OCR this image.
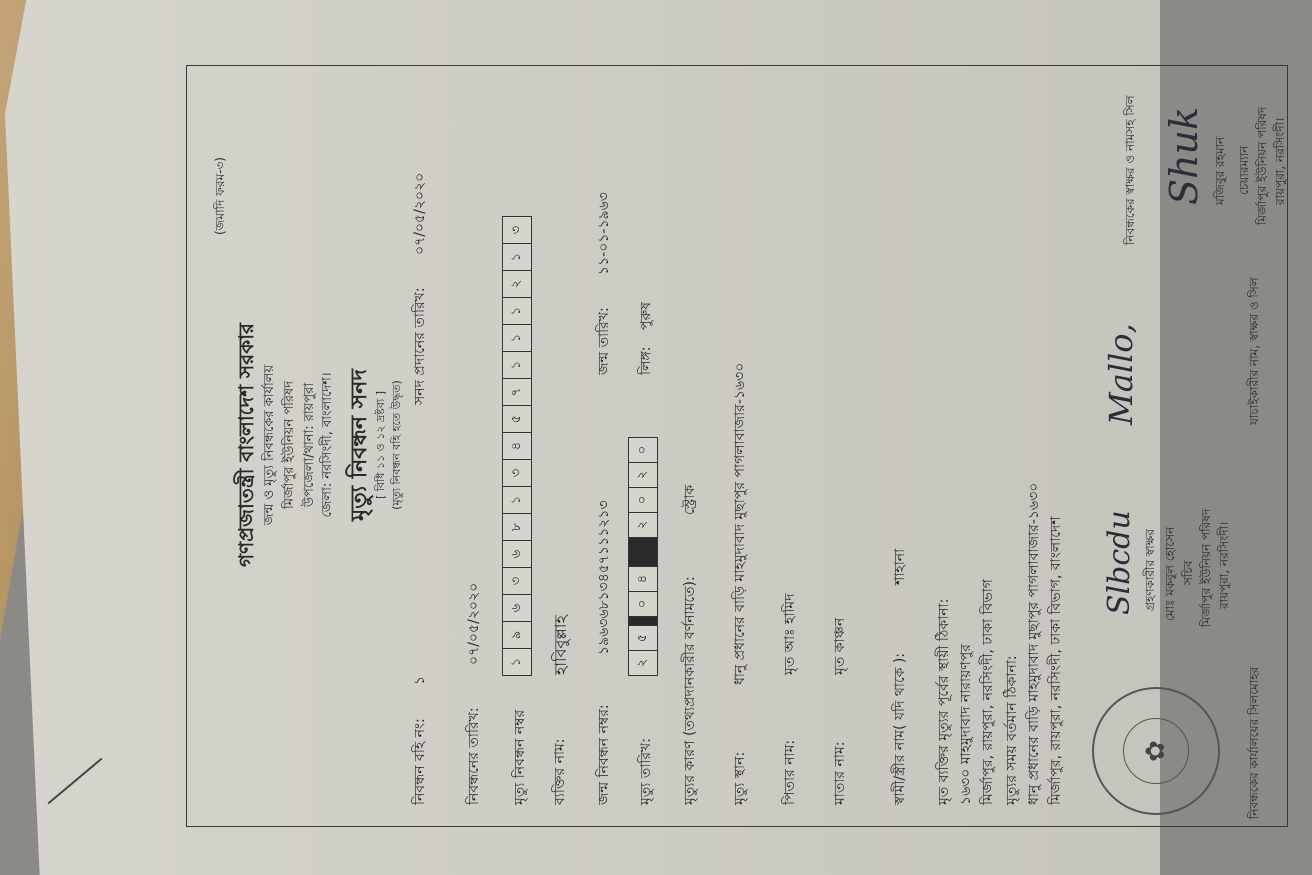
(জমাদি ফরম-৩)
গণপ্রজাতন্ত্রী বাংলাদেশ সরকার জন্ম ও মৃত্যু নিবন্ধকের কার্যালয় মির্জাপুর ইউনিয়ন পরিষদ উপজেলা/থানা: রায়পুরা জেলা: নরসিংদী, বাংলাদেশ। মৃত্যু নিবন্ধন সনদ [ বিধি ১১ ও ১২ দ্রষ্টব্য ] (মৃত্যু নিবন্ধন বহি হতে উদ্ধৃত)
নিবন্ধন বহি নং:
১
সনদ প্রদানের তারিখ:
০৭/০৫/২০২০
নিবন্ধনের তারিখ:
০৭/০৫/২০২০
মৃত্যু নিবন্ধন নম্বর
১
৯
৬
৩
৬
৮
১
৩
৪
৫
৭
১
১
১
২
১
৩
ব্যক্তির নাম:
হাবিবুল্লাহ
জন্ম নিবন্ধন নম্বর:
১৯৬৩৬৮১৩৪৫৭১১১২১৩
জন্ম তারিখ:
১১-০১-১৯৬৩
মৃত্যু তারিখ:
২
৫
০
৪
২
০
২
০
লিঙ্গ:
পুরুষ
মৃত্যুর কারণ (তথ্যপ্রদানকারীর বর্ণনামতে):
স্ট্রোক
মৃত্যু স্থান:
ধানু প্রধানের বাড়ি মাহমুদাবাদ মুছাপুর পাগলাবাজার-১৬৩০
পিতার নাম:
মৃত আঃ হামিদ
মাতার নাম:
মৃত কাঞ্চন
স্বামী/স্ত্রীর নাম( যদি থাকে ):
শাহানা
মৃত ব্যক্তির মৃত্যুর পূর্বের স্থায়ী ঠিকানা: ১৬৩০ মাহমুদাবাদ নারায়ণপুর মির্জাপুর, রায়পুরা, নরসিংদী, ঢাকা বিভাগ মৃত্যুর সময় বর্তমান ঠিকানা: ধানু প্রধানের বাড়ি মাহমুদাবাদ মুছাপুর পাগলাবাজার-১৬৩০ মির্জাপুর, রায়পুরা, নরসিংদী, ঢাকা বিভাগ, বাংলাদেশ	✿	নিবন্ধকের কার্যালয়ের সিলমোহর
Slbcdu গ্রহণকারীর স্বাক্ষর মোঃ মকবুল হোসেন সচিব মির্জাপুর ইউনিয়ন পরিষদ রায়পুরা, নরসিংদী।
Mallo,	যাচাইকারীর নাম, স্বাক্ষর ও সিল
নিবন্ধকের স্বাক্ষর ও নামসহ সিল Shuk মজিবুর রহমান চেয়ারম্যান মির্জাপুর ইউনিয়ন পরিষদ রায়পুরা, নরসিংদী।
